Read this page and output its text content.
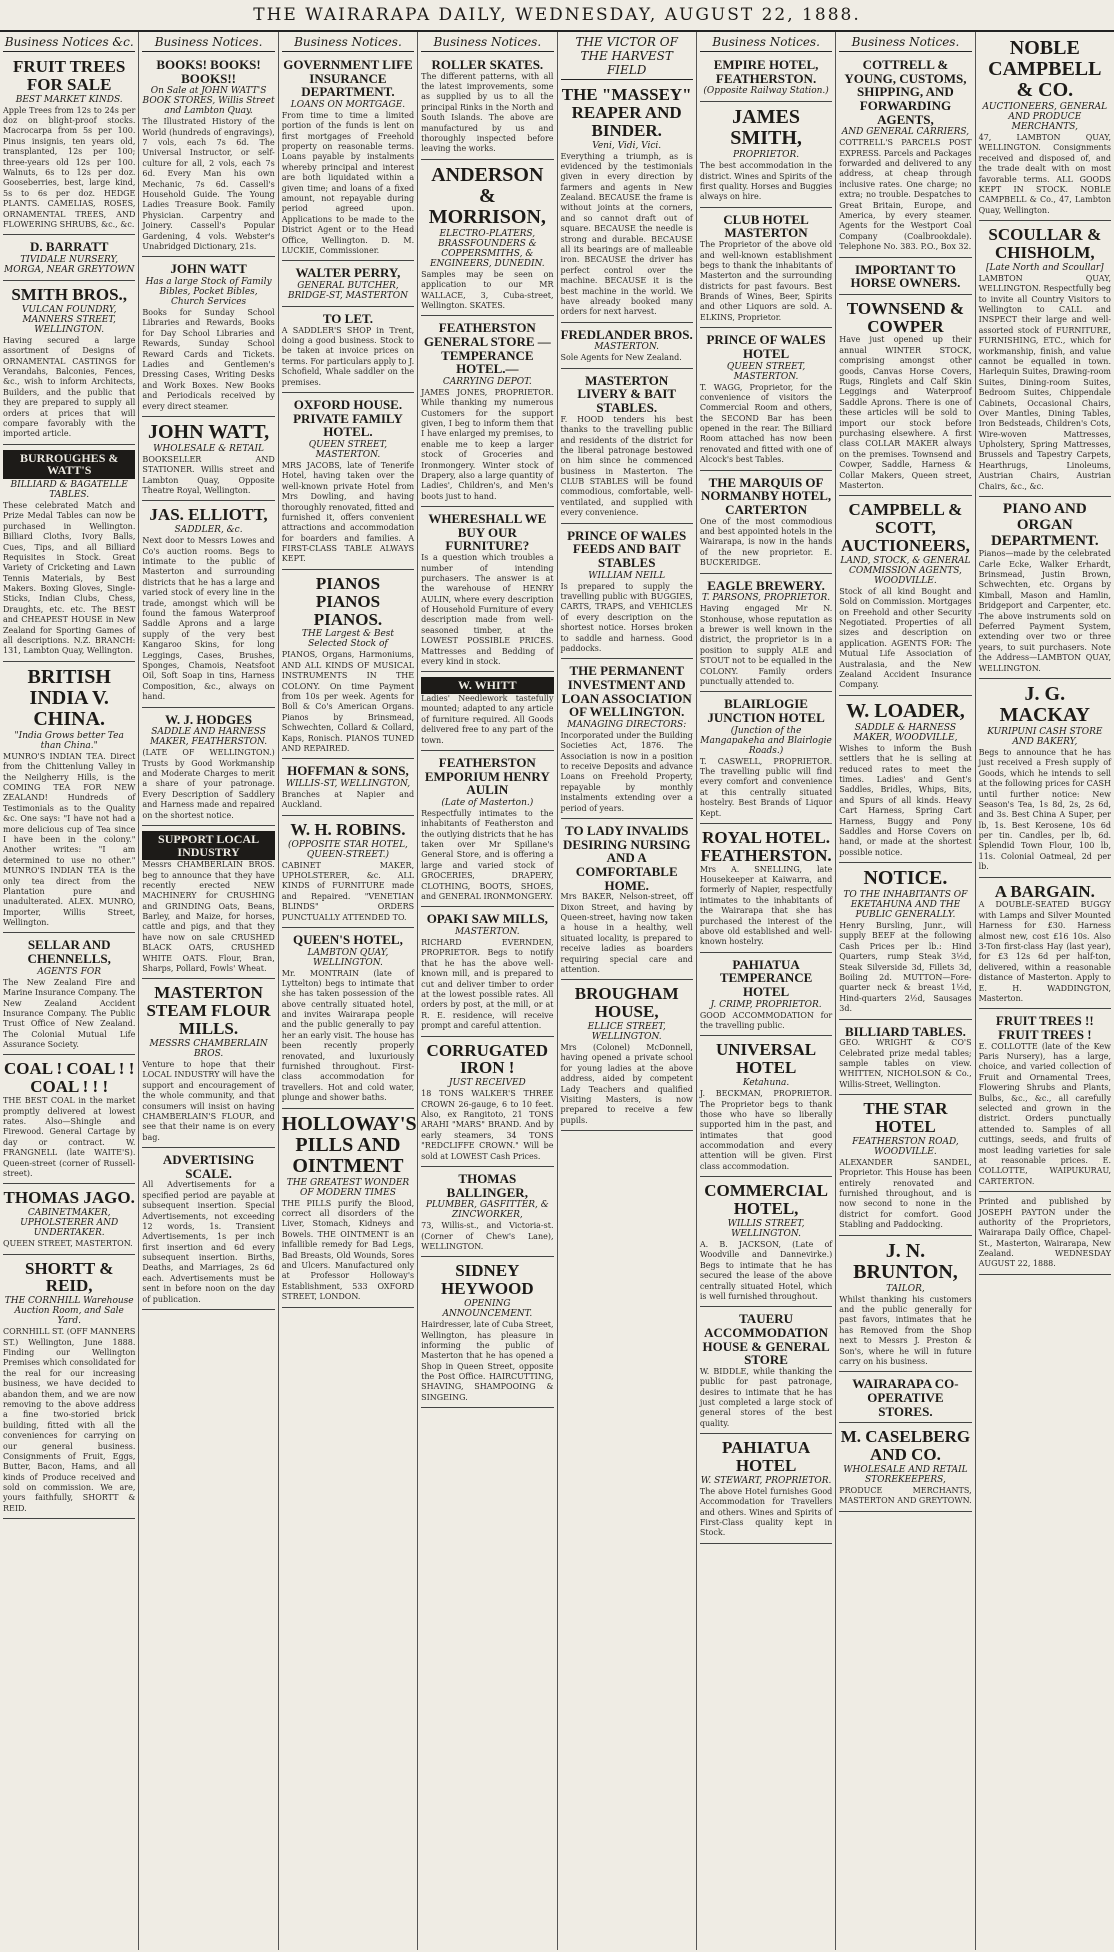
THE WAIRARAPA DAILY, WEDNESDAY, AUGUST 22, 1888.
Business Notices &c.
FRUIT TREES FOR SALE
BEST MARKET KINDS.
Apple Trees from 12s to 24s per doz on blight-proof stocks. Macrocarpa from 5s per 100. Pinus insignis, ten years old, transplanted, 12s per 100; three-years old 12s per 100. Walnuts, 6s to 12s per doz. Gooseberries, best, large kind, 5s to 6s per doz. HEDGE PLANTS. CAMELIAS, ROSES, ORNAMENTAL TREES, AND FLOWERING SHRUBS, &c., &c.
D. BARRATT
TIVIDALE NURSERY, MORGA, NEAR GREYTOWN
SMITH BROS.,
VULCAN FOUNDRY, MANNERS STREET, WELLINGTON.
Having secured a large assortment of Designs of ORNAMENTAL CASTINGS for Verandahs, Balconies, Fences, &c., wish to inform Architects, Builders, and the public that they are prepared to supply all orders at prices that will compare favorably with the imported article.
BURROUGHES & WATT'S
BILLIARD & BAGATELLE TABLES.
These celebrated Match and Prize Medal Tables can now be purchased in Wellington. Billiard Cloths, Ivory Balls, Cues, Tips, and all Billiard Requisites in Stock. Great Variety of Cricketing and Lawn Tennis Materials, by Best Makers. Boxing Gloves, Single-Sticks, Indian Clubs, Chess, Draughts, etc. etc. The BEST and CHEAPEST HOUSE in New Zealand for Sporting Games of all descriptions. N.Z. BRANCH: 131, Lambton Quay, Wellington.
BRITISH INDIA V. CHINA.
"India Grows better Tea than China."
MUNRO'S INDIAN TEA. Direct from the Chittenlung Valley in the Neilgherry Hills, is the COMING TEA FOR NEW ZEALAND! Hundreds of Testimonials as to the Quality &c. One says: "I have not had a more delicious cup of Tea since I have been in the colony." Another writes: "I am determined to use no other." MUNRO'S INDIAN TEA is the only tea direct from the Plantation pure and unadulterated. ALEX. MUNRO, Importer, Willis Street, Wellington.
SELLAR AND CHENNELLS,
AGENTS FOR
The New Zealand Fire and Marine Insurance Company. The New Zealand Accident Insurance Company. The Public Trust Office of New Zealand. The Colonial Mutual Life Assurance Society.
COAL ! COAL ! ! COAL ! ! !
THE BEST COAL in the market promptly delivered at lowest rates. Also—Shingle and Firewood. General Cartage by day or contract. W. FRANGNELL (late WAITE'S). Queen-street (corner of Russell-street).
THOMAS JAGO.
CABINETMAKER, UPHOLSTERER AND UNDERTAKER.
QUEEN STREET, MASTERTON.
SHORTT & REID,
THE CORNHILL Warehouse Auction Room, and Sale Yard.
CORNHILL ST. (OFF MANNERS ST.) Wellington, June 1888. Finding our Wellington Premises which consolidated for the real for our increasing business, we have decided to abandon them, and we are now removing to the above address a fine two-storied brick building, fitted with all the conveniences for carrying on our general business. Consignments of Fruit, Eggs, Butter, Bacon, Hams, and all kinds of Produce received and sold on commission. We are, yours faithfully, SHORTT & REID.
Business Notices.
BOOKS! BOOKS! BOOKS!!
On Sale at JOHN WATT'S BOOK STORES, Willis Street and Lambton Quay.
The Illustrated History of the World (hundreds of engravings), 7 vols, each 7s 6d. The Universal Instructor, or self-culture for all, 2 vols, each 7s 6d. Every Man his own Mechanic, 7s 6d. Cassell's Household Guide. The Young Ladies Treasure Book. Family Physician. Carpentry and Joinery. Cassell's Popular Gardening, 4 vols. Webster's Unabridged Dictionary, 21s.
JOHN WATT
Has a large Stock of Family Bibles, Pocket Bibles, Church Services
Books for Sunday School Libraries and Rewards, Books for Day School Libraries and Rewards, Sunday School Reward Cards and Tickets. Ladies and Gentlemen's Dressing Cases, Writing Desks and Work Boxes. New Books and Periodicals received by every direct steamer.
JOHN WATT,
WHOLESALE & RETAIL
BOOKSELLER AND STATIONER. Willis street and Lambton Quay, Opposite Theatre Royal, Wellington.
JAS. ELLIOTT,
SADDLER, &c.
Next door to Messrs Lowes and Co's auction rooms. Begs to intimate to the public of Masterton and surrounding districts that he has a large and varied stock of every line in the trade, amongst which will be found the famous Waterproof Saddle Aprons and a large supply of the very best Kangaroo Skins, for long Leggings, Cases, Brushes, Sponges, Chamois, Neatsfoot Oil, Soft Soap in tins, Harness Composition, &c., always on hand.
W. J. HODGES
SADDLE AND HARNESS MAKER, FEATHERSTON.
(LATE OF WELLINGTON.) Trusts by Good Workmanship and Moderate Charges to merit a share of your patronage. Every Description of Saddlery and Harness made and repaired on the shortest notice.
SUPPORT LOCAL INDUSTRY
Messrs CHAMBERLAIN BROS. beg to announce that they have recently erected NEW MACHINERY for CRUSHING and GRINDING Oats, Beans, Barley, and Maize, for horses, cattle and pigs, and that they have now on sale CRUSHED BLACK OATS, CRUSHED WHITE OATS. Flour, Bran, Sharps, Pollard, Fowls' Wheat.
MASTERTON STEAM FLOUR MILLS.
MESSRS CHAMBERLAIN BROS.
Venture to hope that their LOCAL INDUSTRY will have the support and encouragement of the whole community, and that consumers will insist on having CHAMBERLAIN'S FLOUR, and see that their name is on every bag.
ADVERTISING SCALE.
All Advertisements for a specified period are payable at subsequent insertion. Special Advertisements, not exceeding 12 words, 1s. Transient Advertisements, 1s per inch first insertion and 6d every subsequent insertion. Births, Deaths, and Marriages, 2s 6d each. Advertisements must be sent in before noon on the day of publication.
Business Notices.
GOVERNMENT LIFE INSURANCE DEPARTMENT.
LOANS ON MORTGAGE.
From time to time a limited portion of the funds is lent on first mortgages of Freehold property on reasonable terms. Loans payable by instalments whereby principal and interest are both liquidated within a given time; and loans of a fixed amount, not repayable during period agreed upon. Applications to be made to the District Agent or to the Head Office, Wellington. D. M. LUCKIE, Commissioner.
WALTER PERRY,
GENERAL BUTCHER, BRIDGE-ST, MASTERTON
TO LET.
A SADDLER'S SHOP in Trent, doing a good business. Stock to be taken at invoice prices on terms. For particulars apply to J. Schofield, Whale saddler on the premises.
OXFORD HOUSE. PRIVATE FAMILY HOTEL.
QUEEN STREET, MASTERTON.
MRS JACOBS, late of Tenerife Hotel, having taken over the well-known private Hotel from Mrs Dowling, and having thoroughly renovated, fitted and furnished it, offers convenient attractions and accommodation for boarders and families. A FIRST-CLASS TABLE ALWAYS KEPT.
PIANOS PIANOS PIANOS.
THE Largest & Best Selected Stock of
PIANOS, Organs, Harmoniums, AND ALL KINDS OF MUSICAL INSTRUMENTS IN THE COLONY. On time Payment from 10s per week. Agents for Boll & Co's American Organs. Pianos by Brinsmead, Schwechten, Collard & Collard, Kaps, Ronisch. PIANOS TUNED AND REPAIRED.
HOFFMAN & SONS,
WILLIS-ST, WELLINGTON,
Branches at Napier and Auckland.
W. H. ROBINS.
(OPPOSITE STAR HOTEL, QUEEN-STREET.)
CABINET MAKER, UPHOLSTERER, &c. ALL KINDS of FURNITURE made and Repaired. "VENETIAN BLINDS" ORDERS PUNCTUALLY ATTENDED TO.
QUEEN'S HOTEL,
LAMBTON QUAY, WELLINGTON.
Mr. MONTRAIN (late of Lyttelton) begs to intimate that she has taken possession of the above centrally situated hotel, and invites Wairarapa people and the public generally to pay her an early visit. The house has been recently properly renovated, and luxuriously furnished throughout. First-class accommodation for travellers. Hot and cold water, plunge and shower baths.
HOLLOWAY'S PILLS AND OINTMENT
THE GREATEST WONDER OF MODERN TIMES
THE PILLS purify the Blood, correct all disorders of the Liver, Stomach, Kidneys and Bowels. THE OINTMENT is an infallible remedy for Bad Legs, Bad Breasts, Old Wounds, Sores and Ulcers. Manufactured only at Professor Holloway's Establishment, 533 OXFORD STREET, LONDON.
Business Notices.
ROLLER SKATES.
The different patterns, with all the latest improvements, some as supplied by us to all the principal Rinks in the North and South Islands. The above are manufactured by us and thoroughly inspected before leaving the works.
ANDERSON & MORRISON,
ELECTRO-PLATERS, BRASSFOUNDERS & COPPERSMITHS, & ENGINEERS, DUNEDIN.
Samples may be seen on application to our MR WALLACE, 3, Cuba-street, Wellington. SKATES.
FEATHERSTON GENERAL STORE —TEMPERANCE HOTEL.—
CARRYING DEPOT.
JAMES JONES, PROPRIETOR. While thanking my numerous Customers for the support given, I beg to inform them that I have enlarged my premises, to enable me to keep a larger stock of Groceries and Ironmongery. Winter stock of Drapery, also a large quantity of Ladies', Children's, and Men's boots just to hand.
WHERESHALL WE BUY OUR FURNITURE?
Is a question which troubles a number of intending purchasers. The answer is at the warehouse of HENRY AULIN, where every description of Household Furniture of every description made from well-seasoned timber, at the LOWEST POSSIBLE PRICES. Mattresses and Bedding of every kind in stock.
W. WHITT
Ladies' Needlework tastefully mounted; adapted to any article of furniture required. All Goods delivered free to any part of the town.
FEATHERSTON EMPORIUM HENRY AULIN
(Late of Masterton.)
Respectfully intimates to the inhabitants of Featherston and the outlying districts that he has taken over Mr Spillane's General Store, and is offering a large and varied stock of GROCERIES, DRAPERY, CLOTHING, BOOTS, SHOES, and GENERAL IRONMONGERY.
OPAKI SAW MILLS,
MASTERTON.
RICHARD EVERNDEN, PROPRIETOR. Begs to notify that he has the above well-known mill, and is prepared to cut and deliver timber to order at the lowest possible rates. All orders by post, at the mill, or at R. E. residence, will receive prompt and careful attention.
CORRUGATED IRON !
JUST RECEIVED
18 TONS WALKER'S THREE CROWN 26-gauge, 6 to 10 feet. Also, ex Rangitoto, 21 TONS ARAHI "MARS" BRAND. And by early steamers, 34 TONS "REDCLIFFE CROWN." Will be sold at LOWEST Cash Prices.
THOMAS BALLINGER,
PLUMBER, GASFITTER, & ZINCWORKER,
73, Willis-st., and Victoria-st. (Corner of Chew's Lane), WELLINGTON.
SIDNEY HEYWOOD
OPENING ANNOUNCEMENT.
Hairdresser, late of Cuba Street, Wellington, has pleasure in informing the public of Masterton that he has opened a Shop in Queen Street, opposite the Post Office. HAIRCUTTING, SHAVING, SHAMPOOING & SINGEING.
THE VICTOR OF THE HARVEST FIELD
THE "MASSEY" REAPER AND BINDER.
Veni, Vidi, Vici.
Everything a triumph, as is evidenced by the testimonials given in every direction by farmers and agents in New Zealand. BECAUSE the frame is without joints at the corners, and so cannot draft out of square. BECAUSE the needle is strong and durable. BECAUSE all its bearings are of malleable iron. BECAUSE the driver has perfect control over the machine. BECAUSE it is the best machine in the world. We have already booked many orders for next harvest.
FREDLANDER BROS.
MASTERTON.
Sole Agents for New Zealand.
MASTERTON LIVERY & BAIT STABLES.
F. HOOD tenders his best thanks to the travelling public and residents of the district for the liberal patronage bestowed on him since he commenced business in Masterton. The CLUB STABLES will be found commodious, comfortable, well-ventilated, and supplied with every convenience.
PRINCE OF WALES FEEDS AND BAIT STABLES
WILLIAM NEILL
Is prepared to supply the travelling public with BUGGIES, CARTS, TRAPS, and VEHICLES of every description on the shortest notice. Horses broken to saddle and harness. Good paddocks.
THE PERMANENT INVESTMENT AND LOAN ASSOCIATION OF WELLINGTON.
MANAGING DIRECTORS:
Incorporated under the Building Societies Act, 1876. The Association is now in a position to receive Deposits and advance Loans on Freehold Property, repayable by monthly instalments extending over a period of years.
TO LADY INVALIDS DESIRING NURSING AND A COMFORTABLE HOME.
Mrs BAKER, Nelson-street, off Dixon Street, and having by Queen-street, having now taken a house in a healthy, well situated locality, is prepared to receive ladies as boarders requiring special care and attention.
BROUGHAM HOUSE,
ELLICE STREET, WELLINGTON.
Mrs (Colonel) McDonnell, having opened a private school for young ladies at the above address, aided by competent Lady Teachers and qualified Visiting Masters, is now prepared to receive a few pupils.
Business Notices.
EMPIRE HOTEL, FEATHERSTON.
(Opposite Railway Station.)
JAMES SMITH,
PROPRIETOR.
The best accommodation in the district. Wines and Spirits of the first quality. Horses and Buggies always on hire.
CLUB HOTEL MASTERTON
The Proprietor of the above old and well-known establishment begs to thank the inhabitants of Masterton and the surrounding districts for past favours. Best Brands of Wines, Beer, Spirits and other Liquors are sold. A. ELKINS, Proprietor.
PRINCE OF WALES HOTEL
QUEEN STREET, MASTERTON.
T. WAGG, Proprietor, for the convenience of visitors the Commercial Room and others, the SECOND Bar has been opened in the rear. The Billiard Room attached has now been renovated and fitted with one of Alcock's best Tables.
THE MARQUIS OF NORMANBY HOTEL, CARTERTON
One of the most commodious and best appointed hotels in the Wairarapa, is now in the hands of the new proprietor. E. BUCKERIDGE.
EAGLE BREWERY.
T. PARSONS, PROPRIETOR.
Having engaged Mr N. Stonhouse, whose reputation as a brewer is well known in the district, the proprietor is in a position to supply ALE and STOUT not to be equalled in the COLONY. Family orders punctually attended to.
BLAIRLOGIE JUNCTION HOTEL
(Junction of the Mangapakeha and Blairlogie Roads.)
T. CASWELL, PROPRIETOR. The travelling public will find every comfort and convenience at this centrally situated hostelry. Best Brands of Liquor Kept.
ROYAL HOTEL. FEATHERSTON.
Mrs A. SNELLING, late Housekeeper at Kaiwarra, and formerly of Napier, respectfully intimates to the inhabitants of the Wairarapa that she has purchased the interest of the above old established and well-known hostelry.
PAHIATUA TEMPERANCE HOTEL
J. CRIMP, PROPRIETOR.
GOOD ACCOMMODATION for the travelling public.
UNIVERSAL HOTEL
Ketahuna.
J. BECKMAN, PROPRIETOR. The Proprietor begs to thank those who have so liberally supported him in the past, and intimates that good accommodation and every attention will be given. First class accommodation.
COMMERCIAL HOTEL,
WILLIS STREET, WELLINGTON.
A. B. JACKSON, (Late of Woodville and Dannevirke.) Begs to intimate that he has secured the lease of the above centrally situated Hotel, which is well furnished throughout.
TAUERU ACCOMMODATION HOUSE & GENERAL STORE
W. BIDDLE, while thanking the public for past patronage, desires to intimate that he has just completed a large stock of general stores of the best quality.
PAHIATUA HOTEL
W. STEWART, PROPRIETOR.
The above Hotel furnishes Good Accommodation for Travellers and others. Wines and Spirits of First-Class quality kept in Stock.
Business Notices.
COTTRELL & YOUNG, CUSTOMS, SHIPPING, AND FORWARDING AGENTS,
AND GENERAL CARRIERS,
COTTRELL'S PARCELS POST EXPRESS. Parcels and Packages forwarded and delivered to any address, at cheap through inclusive rates. One charge; no extra; no trouble. Despatches to Great Britain, Europe, and America, by every steamer. Agents for the Westport Coal Company (Coalbrookdale). Telephone No. 383. P.O., Box 32.
IMPORTANT TO HORSE OWNERS.
TOWNSEND & COWPER
Have just opened up their annual WINTER STOCK, comprising amongst other goods, Canvas Horse Covers, Rugs, Ringlets and Calf Skin Leggings and Waterproof Saddle Aprons. There is one of these articles will be sold to import our stock before purchasing elsewhere. A first class COLLAR MAKER always on the premises. Townsend and Cowper, Saddle, Harness & Collar Makers, Queen street, Masterton.
CAMPBELL & SCOTT, AUCTIONEERS,
LAND, STOCK, & GENERAL COMMISSION AGENTS, WOODVILLE.
Stock of all kind Bought and Sold on Commission. Mortgages on Freehold and other Security Negotiated. Properties of all sizes and description on application. AGENTS FOR: The Mutual Life Association of Australasia, and the New Zealand Accident Insurance Company.
W. LOADER,
SADDLE & HARNESS MAKER, WOODVILLE,
Wishes to inform the Bush settlers that he is selling at reduced rates to meet the times. Ladies' and Gent's Saddles, Bridles, Whips, Bits, and Spurs of all kinds. Heavy Cart Harness, Spring Cart Harness, Buggy and Pony Saddles and Horse Covers on hand, or made at the shortest possible notice.
NOTICE.
TO THE INHABITANTS OF EKETAHUNA AND THE PUBLIC GENERALLY.
Henry Bursling, Junr., will supply BEEF at the following Cash Prices per lb.: Hind Quarters, rump Steak 3½d, Steak Silverside 3d, Fillets 3d, Boiling 2d. MUTTON—Fore-quarter neck & breast 1½d, Hind-quarters 2½d, Sausages 3d.
BILLIARD TABLES.
GEO. WRIGHT & CO'S Celebrated prize medal tables; sample tables on view. WHITTEN, NICHOLSON & Co., Willis-Street, Wellington.
THE STAR HOTEL
FEATHERSTON ROAD, WOODVILLE.
ALEXANDER SANDEL, Proprietor. This House has been entirely renovated and furnished throughout, and is now second to none in the district for comfort. Good Stabling and Paddocking.
J. N. BRUNTON,
TAILOR,
Whilst thanking his customers and the public generally for past favors, intimates that he has Removed from the Shop next to Messrs J. Preston & Son's, where he will in future carry on his business.
WAIRARAPA CO-OPERATIVE STORES.
M. CASELBERG AND CO.
WHOLESALE AND RETAIL STOREKEEPERS,
PRODUCE MERCHANTS, MASTERTON AND GREYTOWN.
NOBLE CAMPBELL & CO.
AUCTIONEERS, GENERAL AND PRODUCE MERCHANTS,
47, LAMBTON QUAY, WELLINGTON. Consignments received and disposed of, and the trade dealt with on most favorable terms. ALL GOODS KEPT IN STOCK. NOBLE CAMPBELL & Co., 47, Lambton Quay, Wellington.
SCOULLAR & CHISHOLM,
[Late North and Scoullar]
LAMBTON QUAY, WELLINGTON. Respectfully beg to invite all Country Visitors to Wellington to CALL and INSPECT their large and well-assorted stock of FURNITURE, FURNISHING, ETC., which for workmanship, finish, and value cannot be equalled in town. Harlequin Suites, Drawing-room Suites, Dining-room Suites, Bedroom Suites, Chippendale Cabinets, Occasional Chairs, Over Mantles, Dining Tables, Iron Bedsteads, Children's Cots, Wire-woven Mattresses, Upholstery, Spring Mattresses, Brussels and Tapestry Carpets, Hearthrugs, Linoleums, Austrian Chairs, Austrian Chairs, &c., &c.
PIANO AND ORGAN DEPARTMENT.
Pianos—made by the celebrated Carle Ecke, Walker Erhardt, Brinsmead, Justin Brown, Schwechten, etc. Organs by Kimball, Mason and Hamlin, Bridgeport and Carpenter, etc. The above instruments sold on Deferred Payment System, extending over two or three years, to suit purchasers. Note the Address—LAMBTON QUAY, WELLINGTON.
J. G. MACKAY
KURIPUNI CASH STORE AND BAKERY,
Begs to announce that he has just received a Fresh supply of Goods, which he intends to sell at the following prices for CASH until further notice: New Season's Tea, 1s 8d, 2s, 2s 6d, and 3s. Best China A Super, per lb, 1s. Best Kerosene, 10s 6d per tin. Candles, per lb, 6d. Splendid Town Flour, 100 lb, 11s. Colonial Oatmeal, 2d per lb.
A BARGAIN.
A DOUBLE-SEATED BUGGY with Lamps and Silver Mounted Harness for £30. Harness almost new, cost £16 10s. Also 3-Ton first-class Hay (last year), for £3 12s 6d per half-ton, delivered, within a reasonable distance of Masterton. Apply to E. H. WADDINGTON, Masterton.
FRUIT TREES !! FRUIT TREES !
E. COLLOTTE (late of the Kew Paris Nursery), has a large, choice, and varied collection of Fruit and Ornamental Trees, Flowering Shrubs and Plants, Bulbs, &c., &c., all carefully selected and grown in the district. Orders punctually attended to. Samples of all cuttings, seeds, and fruits of most leading varieties for sale at reasonable prices. E. COLLOTTE, WAIPUKURAU, CARTERTON.
Printed and published by JOSEPH PAYTON under the authority of the Proprietors, Wairarapa Daily Office, Chapel-St., Masterton, Wairarapa, New Zealand. WEDNESDAY AUGUST 22, 1888.
